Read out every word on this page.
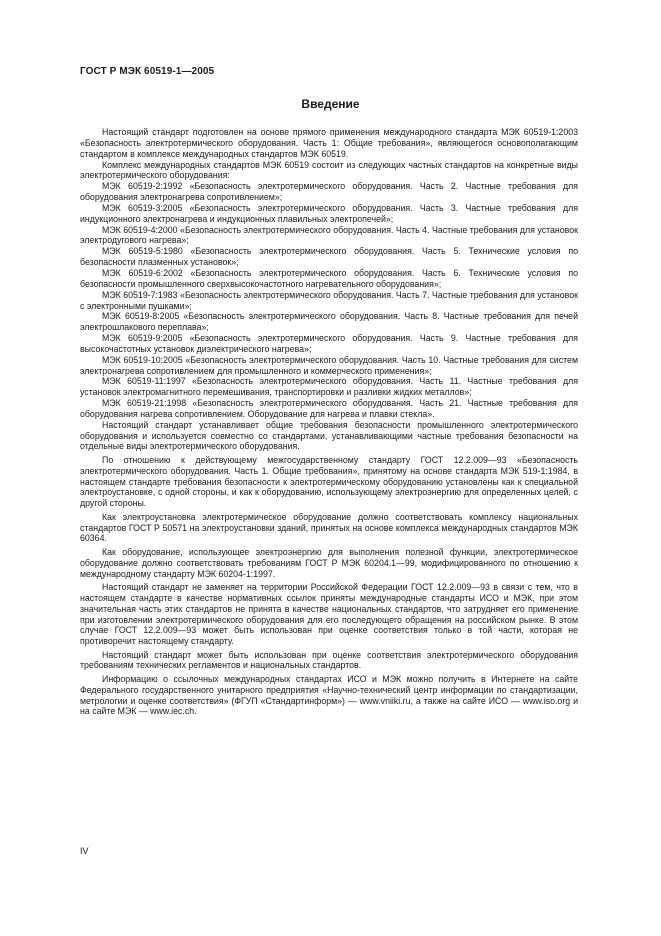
ГОСТ Р МЭК 60519-1—2005
Введение

Настоящий стандарт подготовлен на основе прямого применения международного стандарта МЭК 60519-1:2003 «Безопасность электротермического оборудования. Часть 1: Общие требования», являющегося основополагающим стандартом в комплексе международных стандартов МЭК 60519.

Комплекс международных стандартов МЭК 60519 состоит из следующих частных стандартов на конкретные виды электротермического оборудования:

МЭК 60519-2:1992 «Безопасность электротермического оборудования. Часть 2. Частные требования для оборудования электронагрева сопротивлением»;

МЭК 60519-3:2005 «Безопасность электротермического оборудования. Часть 3. Частные требования для индукционного электронагрева и индукционных плавильных электропечей»;

МЭК 60519-4:2000 «Безопасность электротермического оборудования. Часть 4. Частные требования для установок электродугового нагрева»;

МЭК 60519-5:1980 «Безопасность электротермического оборудования. Часть 5. Технические условия по безопасности плазменных установок»;

МЭК 60519-6:2002 «Безопасность электротермического оборудования. Часть 6. Технические условия по безопасности промышленного сверхвысокочастотного нагревательного оборудования»;

МЭК 60519-7:1983 «Безопасность электротермического оборудования. Часть 7. Частные требования для установок с электронными пушками»;

МЭК 60519-8:2005 «Безопасность электротермического оборудования. Часть 8. Частные требования для печей электрошлакового переплава»;

МЭК 60519-9:2005 «Безопасность электротермического оборудования. Часть 9. Частные требования для высокочастотных установок диэлектрического нагрева»;

МЭК 60519-10:2005 «Безопасность электротермического оборудования. Часть 10. Частные требования для систем электронагрева сопротивлением для промышленного и коммерческого применения»;

МЭК 60519-11:1997 «Безопасность электротермического оборудования. Часть 11. Частные требования для установок электромагнитного перемешивания, транспортировки и разливки жидких металлов»;

МЭК 60519-21:1998 «Безопасность электротермического оборудования. Часть 21. Частные требования для оборудования нагрева сопротивлением. Оборудование для нагрева и плавки стекла».

Настоящий стандарт устанавливает общие требования безопасности промышленного электротермического оборудования и используется совместно со стандартами, устанавливающими частные требования безопасности на отдельные виды электротермического оборудования.

По отношению к действующему межгосударственному стандарту ГОСТ 12.2.009—93 «Безопасность электротермического оборудования. Часть 1. Общие требования», принятому на основе стандарта МЭК 519-1:1984, в настоящем стандарте требования безопасности к электротермическому оборудованию установлены как к специальной электроустановке, с одной стороны, и как к оборудованию, использующему электроэнергию для определенных целей, с другой стороны.

Как электроустановка электротермическое оборудование должно соответствовать комплексу национальных стандартов ГОСТ Р 50571 на электроустановки зданий, принятых на основе комплекса международных стандартов МЭК 60364.

Как оборудование, использующее электроэнергию для выполнения полезной функции, электротермическое оборудование должно соответствовать требованиям ГОСТ Р МЭК 60204.1—99, модифицированного по отношению к международному стандарту МЭК 60204-1:1997.

Настоящий стандарт не заменяет на территории Российской Федерации ГОСТ 12.2.009—93 в связи с тем, что в настоящем стандарте в качестве нормативных ссылок приняты международные стандарты ИСО и МЭК, при этом значительная часть этих стандартов не принята в качестве национальных стандартов, что затрудняет его применение при изготовлении электротермического оборудования для его последующего обращения на российском рынке. В этом случае ГОСТ 12.2.009—93 может быть использован при оценке соответствия только в той части, которая не противоречит настоящему стандарту.

Настоящий стандарт может быть использован при оценке соответствия электротермического оборудования требованиям технических регламентов и национальных стандартов.

Информацию о ссылочных международных стандартах ИСО и МЭК можно получить в Интернете на сайте Федерального государственного унитарного предприятия «Научно-технический центр информации по стандартизации, метрологии и оценке соответствия» (ФГУП «Стандартинформ») — www.vniiki.ru, а также на сайте ИСО — www.iso.org и на сайте МЭК — www.iec.ch.

IV
